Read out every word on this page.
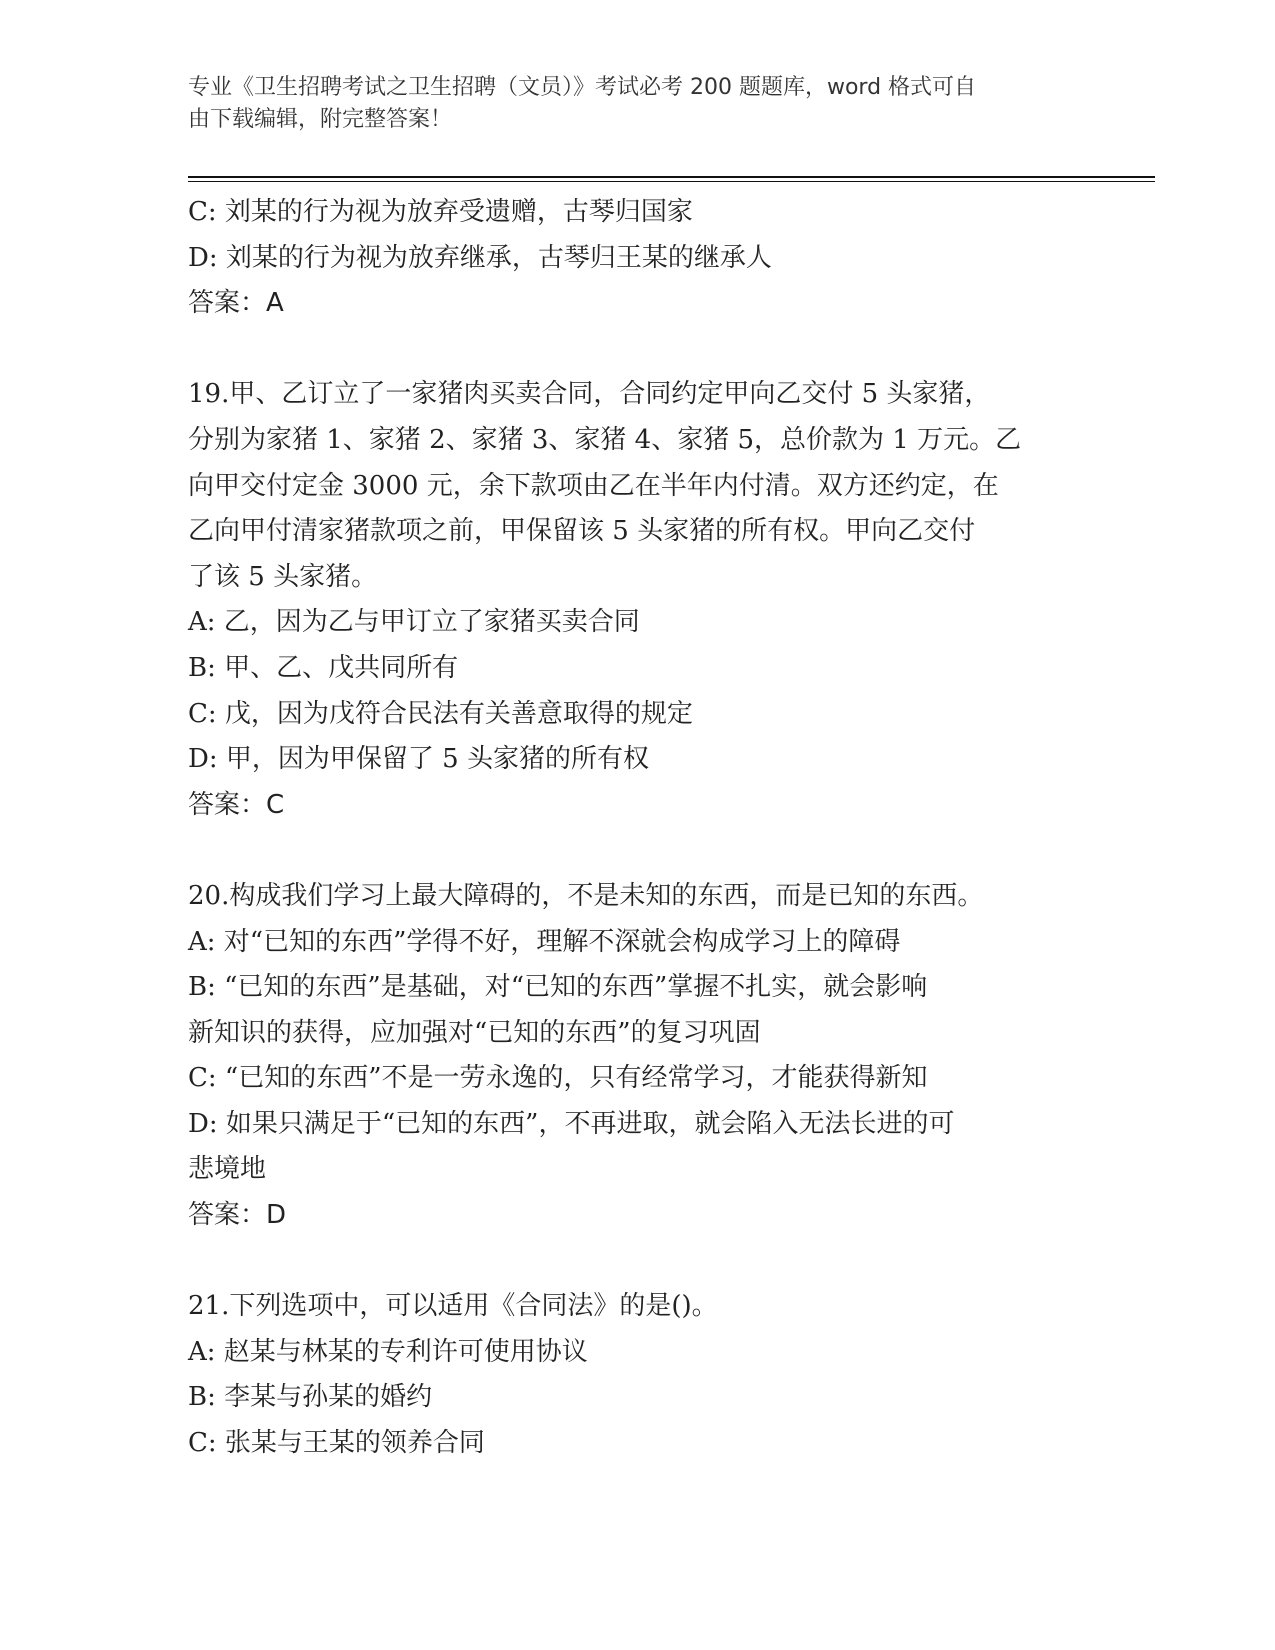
专业《卫生招聘考试之卫生招聘（文员）》考试必考 200 题题库，word 格式可自
由下载编辑，附完整答案！

C: 刘某的行为视为放弃受遗赠，古琴归国家

D: 刘某的行为视为放弃继承，古琴归王某的继承人

答案：A

19.甲、乙订立了一家猪肉买卖合同，合同约定甲向乙交付 5 头家猪，

分别为家猪 1、家猪 2、家猪 3、家猪 4、家猪 5，总价款为 1 万元。乙

向甲交付定金 3000 元，余下款项由乙在半年内付清。双方还约定，在

乙向甲付清家猪款项之前，甲保留该 5 头家猪的所有权。甲向乙交付

了该 5 头家猪。

A: 乙，因为乙与甲订立了家猪买卖合同

B: 甲、乙、戊共同所有

C: 戊，因为戊符合民法有关善意取得的规定

D: 甲，因为甲保留了 5 头家猪的所有权

答案：C

20.构成我们学习上最大障碍的，不是未知的东西，而是已知的东西。

A: 对“已知的东西”学得不好，理解不深就会构成学习上的障碍

B: “已知的东西”是基础，对“已知的东西”掌握不扎实，就会影响

新知识的获得，应加强对“已知的东西”的复习巩固

C: “已知的东西”不是一劳永逸的，只有经常学习，才能获得新知

D: 如果只满足于“已知的东西”，不再进取，就会陷入无法长进的可

悲境地

答案：D

21.下列选项中，可以适用《合同法》的是()。

A: 赵某与林某的专利许可使用协议

B: 李某与孙某的婚约

C: 张某与王某的领养合同
